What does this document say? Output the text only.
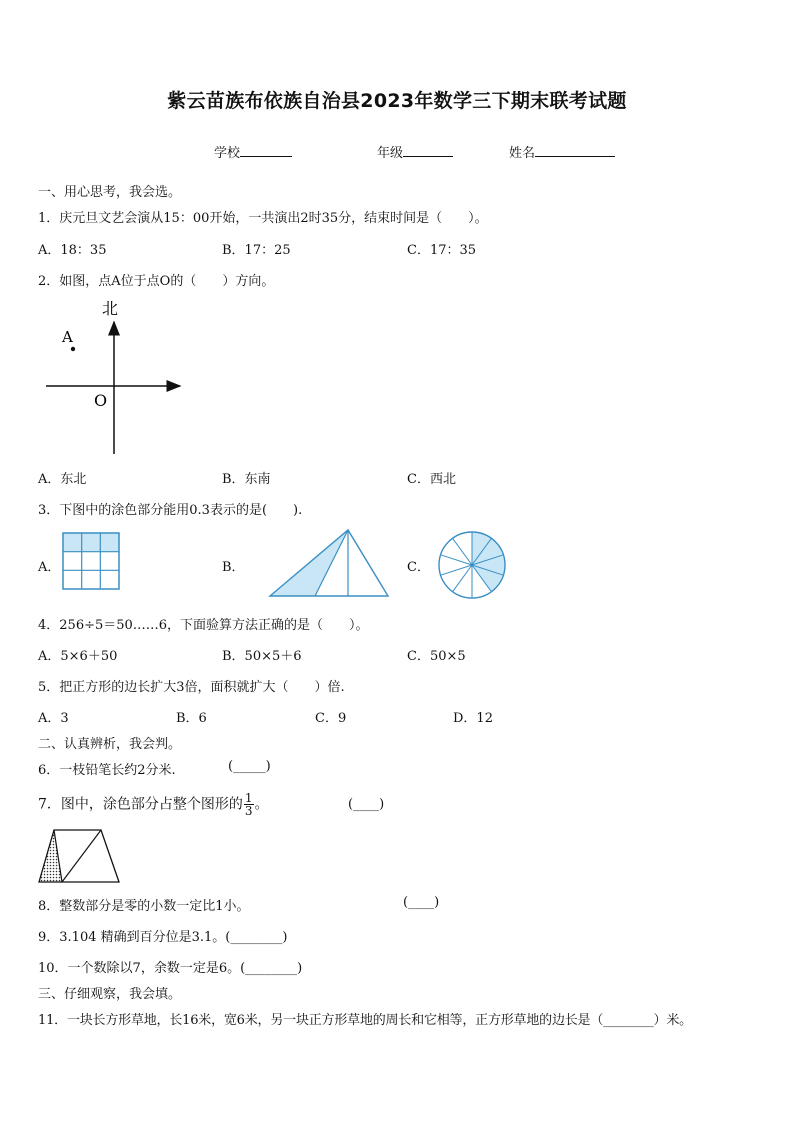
紫云苗族布依族自治县2023年数学三下期末联考试题
学校	年级	姓名
一、用心思考，我会选。
1．庆元旦文艺会演从15：00开始，一共演出2时35分，结束时间是（　　）。
A．18：35	B．17：25	C．17：35
2．如图，点A位于点O的（　　）方向。
北
A
O
A．东北	B．东南	C．西北
3．下图中的涂色部分能用0.3表示的是(　　).
A．	B．	C．
4．256÷5＝50……6，下面验算方法正确的是（　　）。
A．5×6＋50	B．50×5＋6	C．50×5
5．把正方形的边长扩大3倍，面积就扩大（　　）倍.
A．3	B．6	C．9	D．12
二、认真辨析，我会判。
6．一枝铅笔长约2分米.	(_____)
7．图中，涂色部分占整个图形的 $\frac{1}{3}$ 。	(____)
8．整数部分是零的小数一定比1小。	(____)
9．3.104 精确到百分位是3.1。(________)
10．一个数除以7，余数一定是6。(________)
三、仔细观察，我会填。
11．一块长方形草地，长16米，宽6米，另一块正方形草地的周长和它相等，正方形草地的边长是（________）米。
